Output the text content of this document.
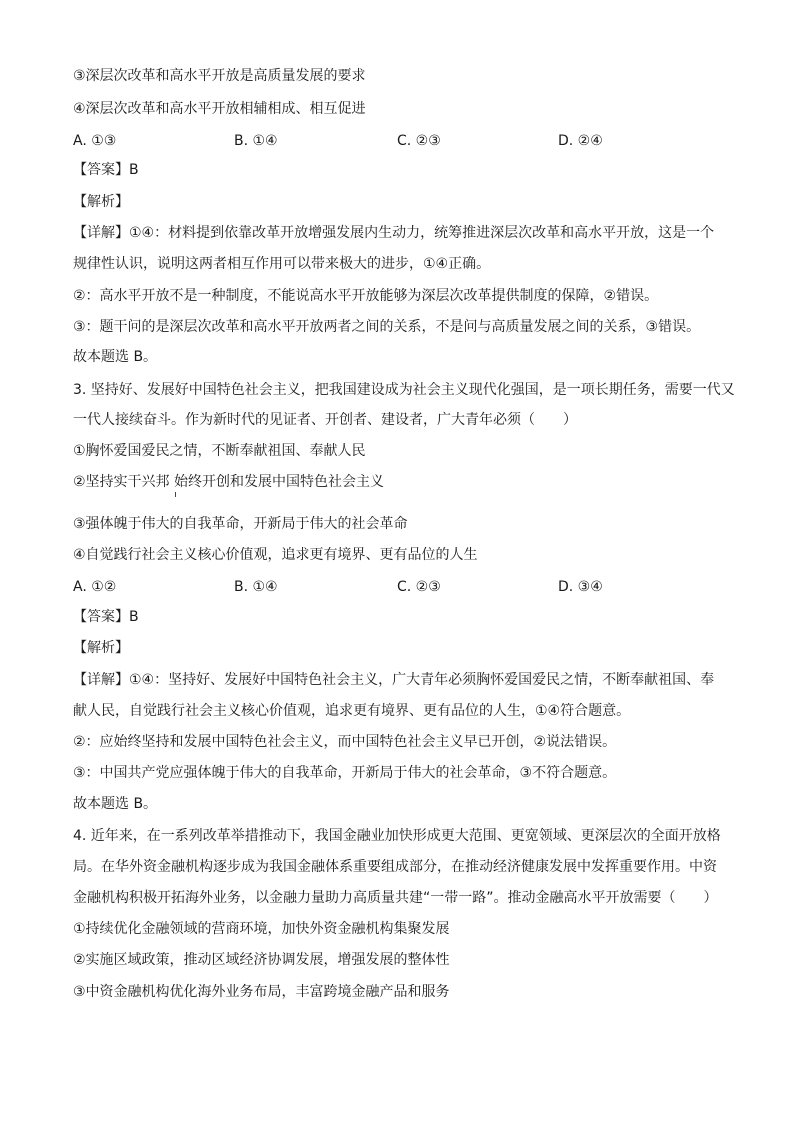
③深层次改革和高水平开放是高质量发展的要求
④深层次改革和高水平开放相辅相成、相互促进
A. ①③	B. ①④	C. ②③	D. ②④
【答案】B
【解析】
【详解】①④：材料提到依靠改革开放增强发展内生动力，统筹推进深层次改革和高水平开放，这是一个
规律性认识，说明这两者相互作用可以带来极大的进步，①④正确。
②：高水平开放不是一种制度，不能说高水平开放能够为深层次改革提供制度的保障，②错误。
③：题干问的是深层次改革和高水平开放两者之间的关系，不是问与高质量发展之间的关系，③错误。
故本题选 B。
3. 坚持好、发展好中国特色社会主义，把我国建设成为社会主义现代化强国，是一项长期任务，需要一代又
一代人接续奋斗。作为新时代的见证者、开创者、建设者，广大青年必须（　　）
①胸怀爱国爱民之情，不断奉献祖国、奉献人民
②坚持实干兴邦 始终开创和发展中国特色社会主义
③强体魄于伟大的自我革命，开新局于伟大的社会革命
④自觉践行社会主义核心价值观，追求更有境界、更有品位的人生
A. ①②	B. ①④	C. ②③	D. ③④
【答案】B
【解析】
【详解】①④：坚持好、发展好中国特色社会主义，广大青年必须胸怀爱国爱民之情，不断奉献祖国、奉
献人民，自觉践行社会主义核心价值观，追求更有境界、更有品位的人生，①④符合题意。
②：应始终坚持和发展中国特色社会主义，而中国特色社会主义早已开创，②说法错误。
③：中国共产党应强体魄于伟大的自我革命，开新局于伟大的社会革命，③不符合题意。
故本题选 B。
4. 近年来，在一系列改革举措推动下，我国金融业加快形成更大范围、更宽领域、更深层次的全面开放格
局。在华外资金融机构逐步成为我国金融体系重要组成部分，在推动经济健康发展中发挥重要作用。中资
金融机构积极开拓海外业务，以金融力量助力高质量共建“一带一路”。推动金融高水平开放需要（　　）
①持续优化金融领域的营商环境，加快外资金融机构集聚发展
②实施区域政策，推动区域经济协调发展，增强发展的整体性
③中资金融机构优化海外业务布局，丰富跨境金融产品和服务
